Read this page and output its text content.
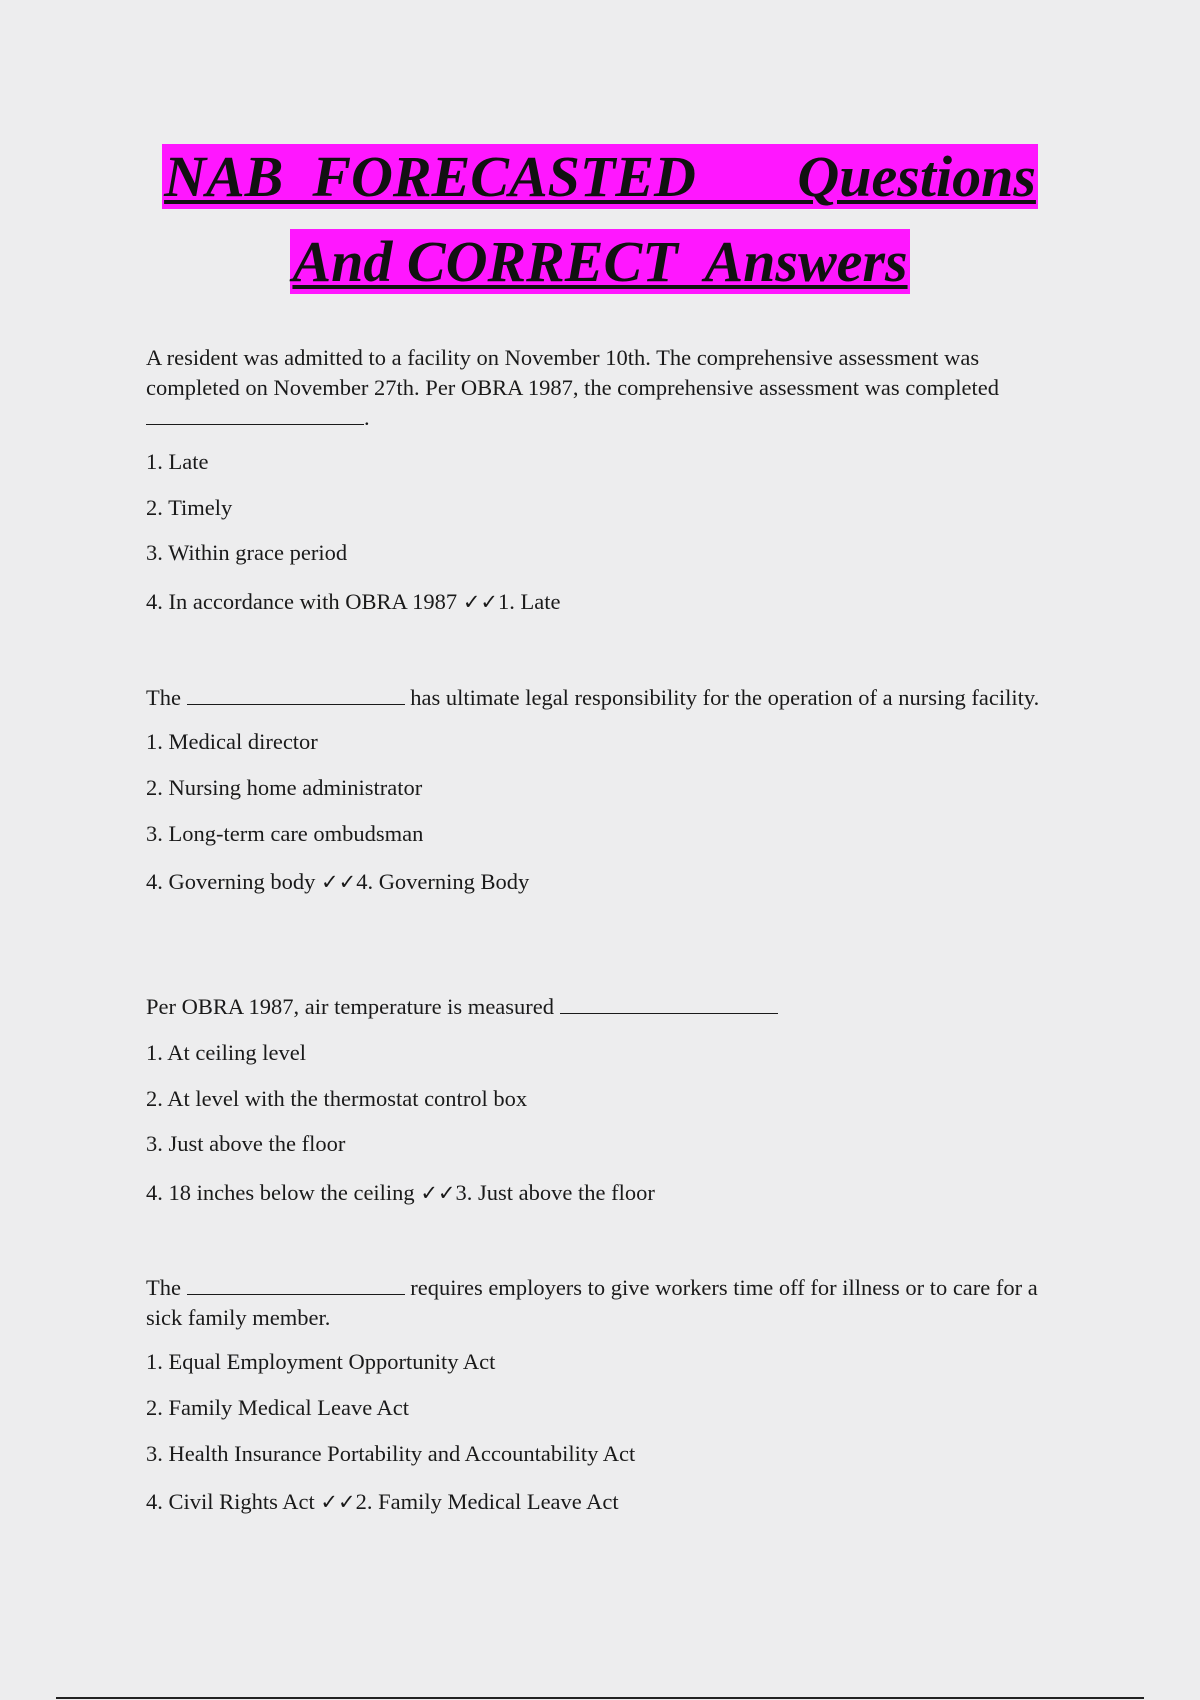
NAB  FORECASTED       Questions
And CORRECT  Answers

A resident was admitted to a facility on November 10th. The comprehensive assessment was completed on November 27th. Per OBRA 1987, the comprehensive assessment was completed .

1. Late

2. Timely

3. Within grace period

4. In accordance with OBRA 1987 ✓✓1. Late

The	has ultimate legal responsibility for the operation of a nursing facility.

1. Medical director

2. Nursing home administrator

3. Long-term care ombudsman

4. Governing body ✓✓4. Governing Body

Per OBRA 1987, air temperature is measured

1. At ceiling level

2. At level with the thermostat control box

3. Just above the floor

4. 18 inches below the ceiling ✓✓3. Just above the floor

The	requires employers to give workers time off for illness or to care for a sick family member.

1. Equal Employment Opportunity Act

2. Family Medical Leave Act

3. Health Insurance Portability and Accountability Act

4. Civil Rights Act ✓✓2. Family Medical Leave Act
